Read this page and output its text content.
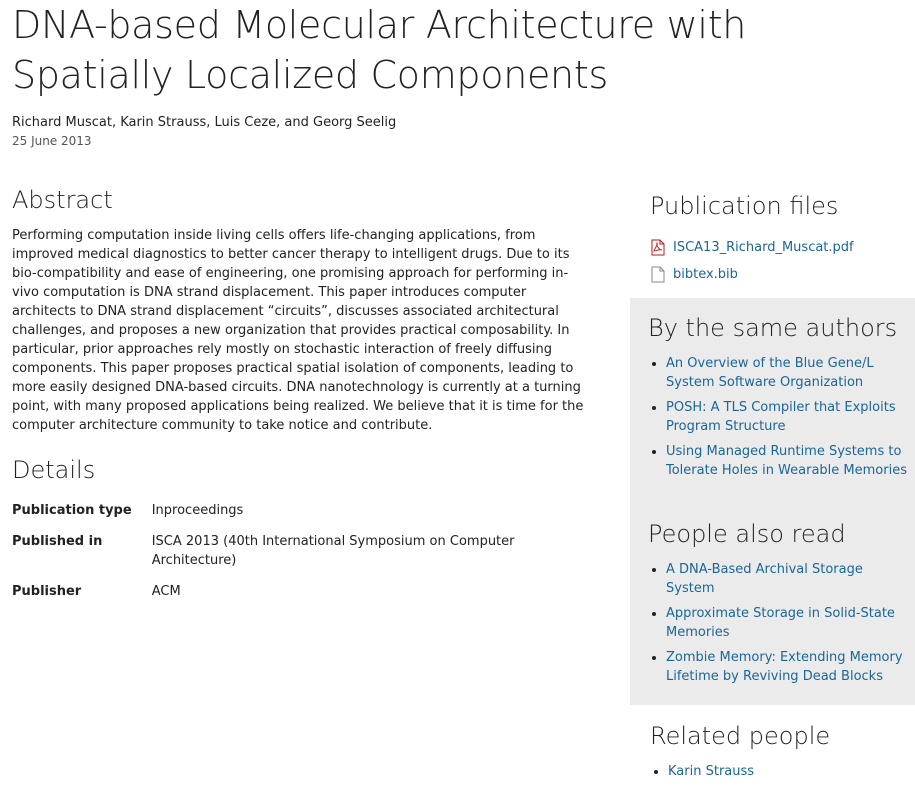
DNA-based Molecular Architecture with Spatially Localized Components
Richard Muscat, Karin Strauss, Luis Ceze, and Georg Seelig
25 June 2013
Abstract

Performing computation inside living cells offers life-changing applications, from improved medical diagnostics to better cancer therapy to intelligent drugs. Due to its bio-compatibility and ease of engineering, one promising approach for performing in-vivo computation is DNA strand displacement. This paper introduces computer architects to DNA strand displacement “circuits”, discusses associated architectural challenges, and proposes a new organization that provides practical composability. In particular, prior approaches rely mostly on stochastic interaction of freely diffusing components. This paper proposes practical spatial isolation of components, leading to more easily designed DNA-based circuits. DNA nanotechnology is currently at a turning point, with many proposed applications being realized. We believe that it is time for the computer architecture community to take notice and contribute.

Details
Publication type	Inproceedings
Published in	ISCA 2013 (40th International Symposium on Computer Architecture)
Publisher	ACM
Publication files
ISCA13_Richard_Muscat.pdf
bibtex.bib
By the same authors
• An Overview of the Blue Gene/L System Software Organization
• POSH: A TLS Compiler that Exploits Program Structure
• Using Managed Runtime Systems to Tolerate Holes in Wearable Memories
People also read
• A DNA-Based Archival Storage System
• Approximate Storage in Solid-State Memories
• Zombie Memory: Extending Memory Lifetime by Reviving Dead Blocks
Related people
• Karin Strauss
